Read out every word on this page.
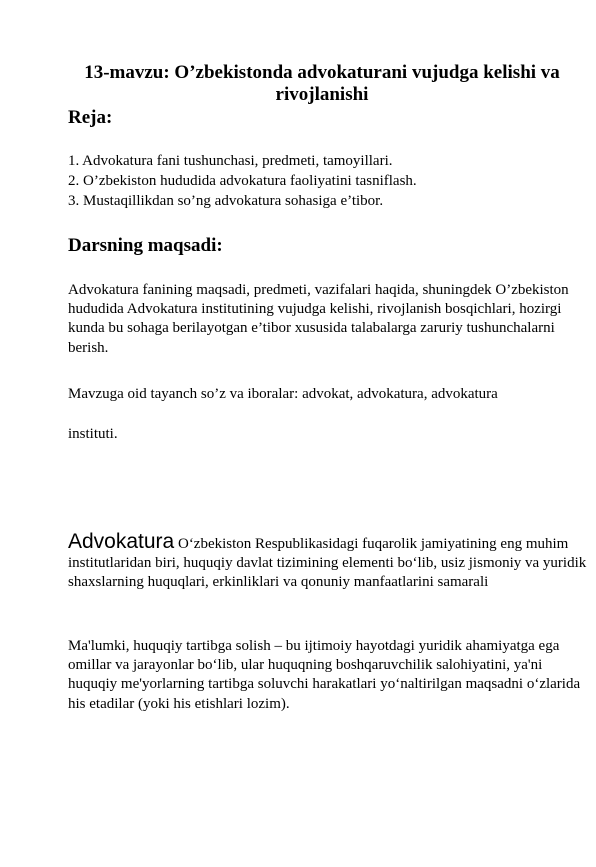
13-mavzu: O’zbekistonda advokaturani vujudga kelishi va rivojlanishi
Reja:
1. Advokatura fani tushunchasi, predmeti, tamoyillari.
2. O’zbekiston hududida advokatura faoliyatini tasniflash.
3. Mustaqillikdan so’ng advokatura sohasiga e’tibor.
Darsning maqsadi:
Advokatura fanining maqsadi, predmeti, vazifalari haqida, shuningdek O’zbekiston hududida Advokatura institutining vujudga kelishi, rivojlanish bosqichlari, hozirgi kunda bu sohaga berilayotgan e’tibor xususida talabalarga zaruriy tushunchalarni berish.
Mavzuga oid tayanch so’z va iboralar: advokat, advokatura, advokatura
instituti.
Advokatura O‘zbekiston Respublikasidagi fuqarolik jamiyatining eng muhim institutlaridan biri, huquqiy davlat tizimining elementi bo‘lib, usiz jismoniy va yuridik shaxslarning huquqlari, erkinliklari va qonuniy manfaatlarini samarali
Ma'lumki, huquqiy tartibga solish – bu ijtimoiy hayotdagi yuridik ahamiyatga ega omillar va jarayonlar bo‘lib, ular huquqning boshqaruvchilik salohiyatini, ya'ni huquqiy me'yorlarning tartibga soluvchi harakatlari yo‘naltirilgan maqsadni o‘zlarida his etadilar (yoki his etishlari lozim).
